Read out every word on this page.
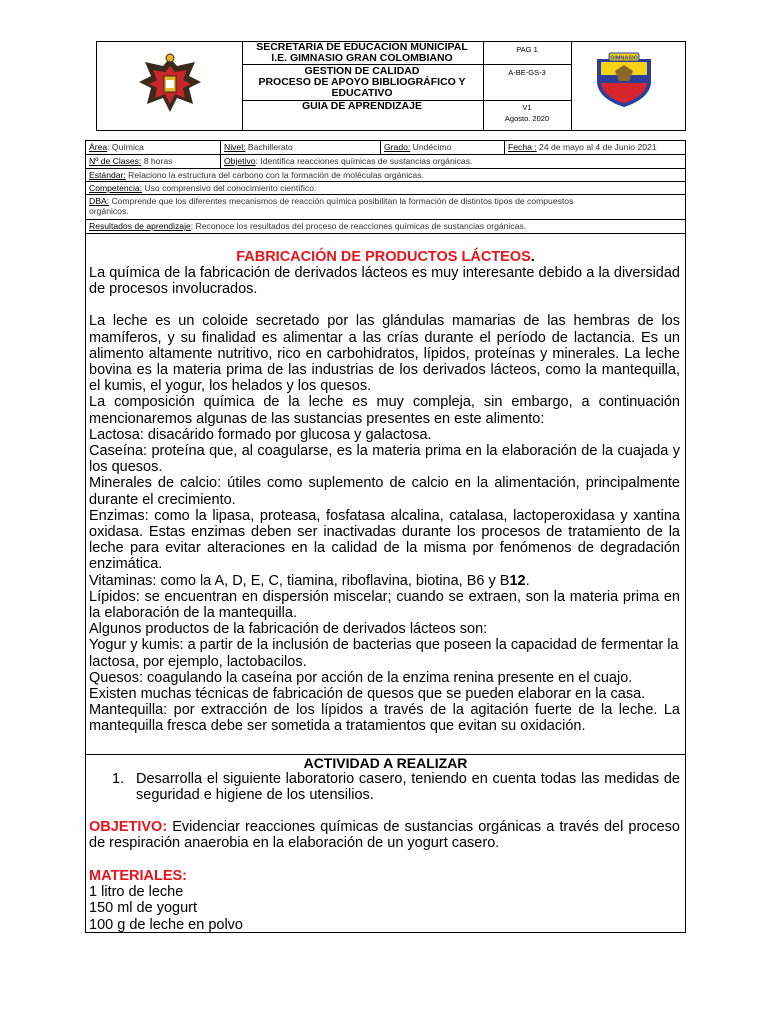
SECRETARIA DE EDUCACION MUNICIPAL
I.E. GIMNASIO GRAN COLOMBIANO
GESTION DE CALIDAD
PROCESO DE APOYO BIBLIOGRÁFICO Y
EDUCATIVO
GUIA DE APRENDIZAJE
PAG 1
A-BE-GS-3
V1
Agosto. 2020
GIMNASIO
Área: Química	Nivel: Bachillerato	Grado: Undécimo	Fecha : 24 de mayo al 4 de Junio 2021
Nº de Clases: 8 horas	Objetivo: Identifica reacciones químicas de sustancias orgánicas.
Estándar: Relaciono la estructura del carbono con la formación de moléculas orgánicas.
Competencia: Uso comprensivo del conocimiento científico.
DBA: Comprende que los diferentes mecanismos de reacción química posibilitan la formación de distintos tipos de compuestos
orgánicos.
Resultados de aprendizaje: Reconoce los resultados del proceso de reacciones químicas de sustancias orgánicas.
FABRICACIÓN DE PRODUCTOS LÁCTEOS.

La química de la fabricación de derivados lácteos es muy interesante debido a la diversidad de procesos involucrados.

La leche es un coloide secretado por las glándulas mamarias de las hembras de los mamíferos, y su finalidad es alimentar a las crías durante el período de lactancia. Es un alimento altamente nutritivo, rico en carbohidratos, lípidos, proteínas y minerales. La leche bovina es la materia prima de las industrias de los derivados lácteos, como la mantequilla, el kumis, el yogur, los helados y los quesos.

La composición química de la leche es muy compleja, sin embargo, a continuación mencionaremos algunas de las sustancias presentes en este alimento:

Lactosa: disacárido formado por glucosa y galactosa.

Caseína: proteína que, al coagularse, es la materia prima en la elaboración de la cuajada y los quesos.

Minerales de calcio: útiles como suplemento de calcio en la alimentación, principalmente durante el crecimiento.

Enzimas: como la lipasa, proteasa, fosfatasa alcalina, catalasa, lactoperoxidasa y xantina oxidasa. Estas enzimas deben ser inactivadas durante los procesos de tratamiento de la leche para evitar alteraciones en la calidad de la misma por fenómenos de degradación enzimática.

Vitaminas: como la A, D, E, C, tiamina, riboflavina, biotina, B6 y B12.

Lípidos: se encuentran en dispersión miscelar; cuando se extraen, son la materia prima en la elaboración de la mantequilla.

Algunos productos de la fabricación de derivados lácteos son:

Yogur y kumis: a partir de la inclusión de bacterias que poseen la capacidad de fermentar la lactosa, por ejemplo, lactobacilos.

Quesos: coagulando la caseína por acción de la enzima renina presente en el cuajo.

Existen muchas técnicas de fabricación de quesos que se pueden elaborar en la casa.

Mantequilla: por extracción de los lípidos a través de la agitación fuerte de la leche. La mantequilla fresca debe ser sometida a tratamientos que evitan su oxidación.

ACTIVIDAD A REALIZAR
1. Desarrolla el siguiente laboratorio casero, teniendo en cuenta todas las medidas de seguridad e higiene de los utensilios.
OBJETIVO: Evidenciar reacciones químicas de sustancias orgánicas a través del proceso de respiración anaerobia en la elaboración de un yogurt casero.

MATERIALES:

1 litro de leche

150 ml de yogurt

100 g de leche en polvo
